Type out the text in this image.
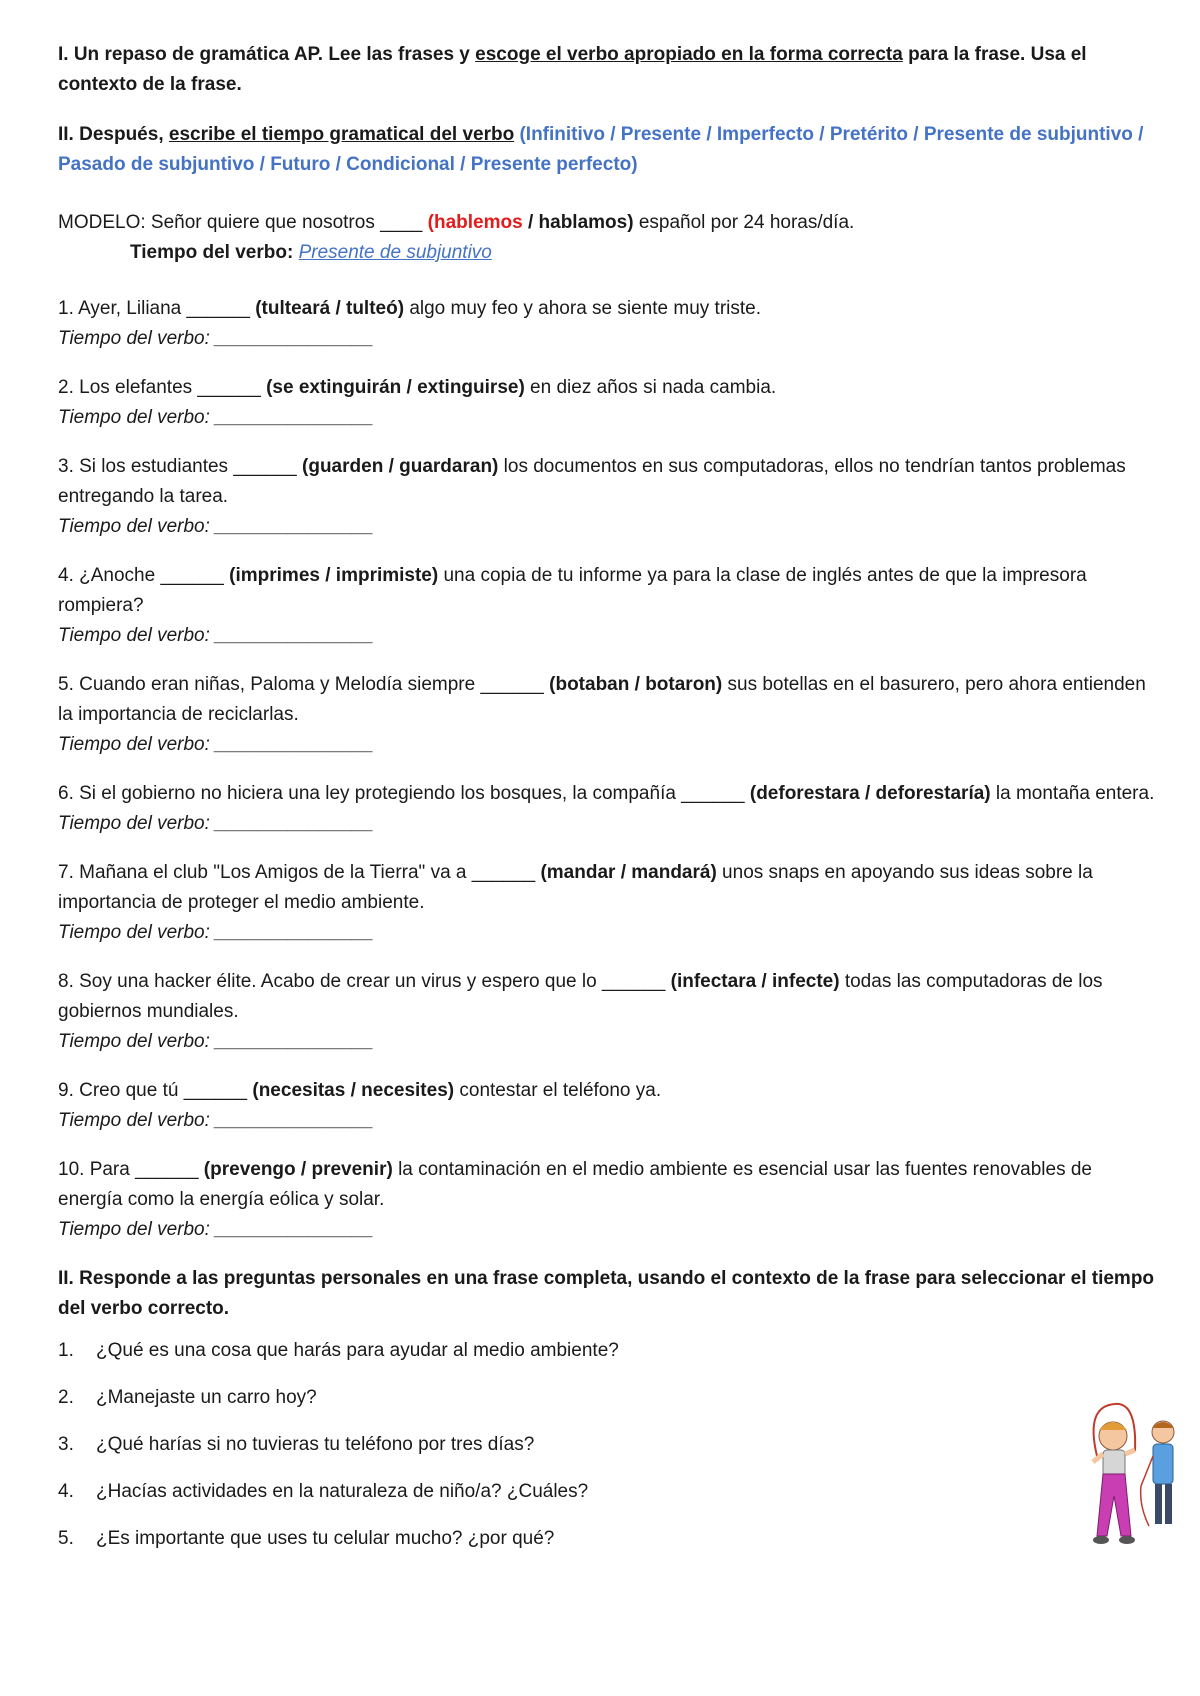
I. Un repaso de gramática AP. Lee las frases y escoge el verbo apropiado en la forma correcta para la frase. Usa el contexto de la frase.

II. Después, escribe el tiempo gramatical del verbo (Infinitivo / Presente / Imperfecto / Pretérito / Presente de subjuntivo / Pasado de subjuntivo / Futuro / Condicional / Presente perfecto)

MODELO: Señor quiere que nosotros ____ (hablemos / hablamos) español por 24 horas/día.

Tiempo del verbo: Presente de subjuntivo

1. Ayer, Liliana ______ (tulteará / tulteó) algo muy feo y ahora se siente muy triste.

Tiempo del verbo: _______________

2. Los elefantes ______ (se extinguirán / extinguirse) en diez años si nada cambia.

Tiempo del verbo: _______________

3. Si los estudiantes ______ (guarden / guardaran) los documentos en sus computadoras, ellos no tendrían tantos problemas entregando la tarea.

Tiempo del verbo: _______________

4. ¿Anoche ______ (imprimes / imprimiste) una copia de tu informe ya para la clase de inglés antes de que la impresora rompiera?

Tiempo del verbo: _______________

5. Cuando eran niñas, Paloma y Melodía siempre ______ (botaban / botaron) sus botellas en el basurero, pero ahora entienden la importancia de reciclarlas.

Tiempo del verbo: _______________

6. Si el gobierno no hiciera una ley protegiendo los bosques, la compañía ______ (deforestara / deforestaría) la montaña entera.

Tiempo del verbo: _______________

7. Mañana el club "Los Amigos de la Tierra" va a ______ (mandar / mandará) unos snaps en apoyando sus ideas sobre la importancia de proteger el medio ambiente.

Tiempo del verbo: _______________

8. Soy una hacker élite. Acabo de crear un virus y espero que lo ______ (infectara / infecte) todas las computadoras de los gobiernos mundiales.

Tiempo del verbo: _______________

9. Creo que tú ______ (necesitas / necesites) contestar el teléfono ya.

Tiempo del verbo: _______________

10. Para ______ (prevengo / prevenir) la contaminación en el medio ambiente es esencial usar las fuentes renovables de energía como la energía eólica y solar.

Tiempo del verbo: _______________

II. Responde a las preguntas personales en una frase completa, usando el contexto de la frase para seleccionar el tiempo del verbo correcto.

1.	¿Qué es una cosa que harás para ayudar al medio ambiente?
2.	¿Manejaste un carro hoy?
3.	¿Qué harías si no tuvieras tu teléfono por tres días?
4.	¿Hacías actividades en la naturaleza de niño/a? ¿Cuáles?
5.	¿Es importante que uses tu celular mucho? ¿por qué?
